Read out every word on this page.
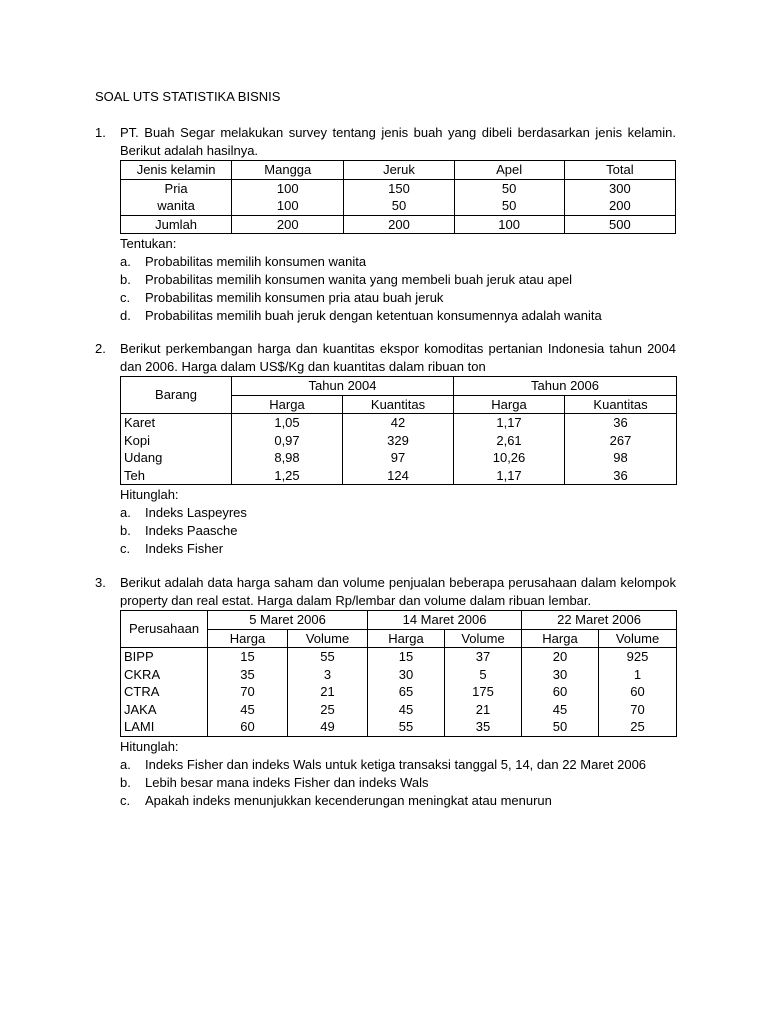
SOAL UTS STATISTIKA BISNIS
1. PT. Buah Segar melakukan survey tentang jenis buah yang dibeli berdasarkan jenis kelamin. Berikut adalah hasilnya.
Jenis kelamin	Mangga	Jeruk	Apel	Total
Pria	100	150	50	300
wanita	100	50	50	200
Jumlah	200	200	100	500
Tentukan:
a. Probabilitas memilih konsumen wanita
b. Probabilitas memilih konsumen wanita yang membeli buah jeruk atau apel
c. Probabilitas memilih konsumen pria atau buah jeruk
d. Probabilitas memilih buah jeruk dengan ketentuan konsumennya adalah wanita
2. Berikut perkembangan harga dan kuantitas ekspor komoditas pertanian Indonesia tahun 2004 dan 2006. Harga dalam US$/Kg dan kuantitas dalam ribuan ton
Barang	Tahun 2004		Tahun 2006	
	Harga	Kuantitas	Harga	Kuantitas
Karet	1,05	42	1,17	36
Kopi	0,97	329	2,61	267
Udang	8,98	97	10,26	98
Teh	1,25	124	1,17	36
Hitunglah:
a. Indeks Laspeyres
b. Indeks Paasche
c. Indeks Fisher
3. Berikut adalah data harga saham dan volume penjualan beberapa perusahaan dalam kelompok property dan real estat. Harga dalam Rp/lembar dan volume dalam ribuan lembar.
Perusahaan	5 Maret 2006		14 Maret 2006		22 Maret 2006	
	Harga	Volume	Harga	Volume	Harga	Volume
BIPP	15	55	15	37	20	925
CKRA	35	3	30	5	30	1
CTRA	70	21	65	175	60	60
JAKA	45	25	45	21	45	70
LAMI	60	49	55	35	50	25
Hitunglah:
a. Indeks Fisher dan indeks Wals untuk ketiga transaksi tanggal 5, 14, dan 22 Maret 2006
b. Lebih besar mana indeks Fisher dan indeks Wals
c. Apakah indeks menunjukkan kecenderungan meningkat atau menurun
